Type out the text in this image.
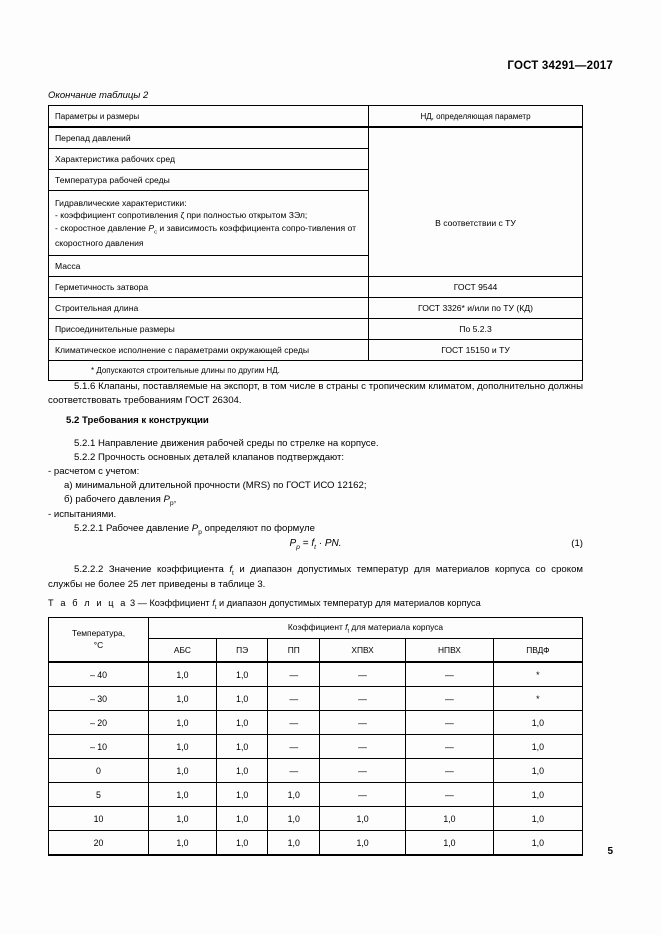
ГОСТ 34291—2017
Окончание таблицы 2
Параметры и размеры	НД, определяющая параметр
Перепад давлений	
Характеристика рабочих сред	
Температура рабочей среды	

Гидравлические характеристики:
- коэффициент сопротивления ζ при полностью открытом ЗЭл;
- скоростное давление $P_с$ и зависимость коэффициента сопро-тивления от скоростного давления	В соответствии с ТУ
Масса	
Герметичность затвора	ГОСТ 9544
Строительная длина	ГОСТ 3326* и/или по ТУ (КД)
Присоединительные размеры	По 5.2.3
Климатическое исполнение с параметрами окружающей среды	ГОСТ 15150 и ТУ
* Допускаются строительные длины по другим НД.	
5.1.6 Клапаны, поставляемые на экспорт, в том числе в страны с тропическим климатом, дополнительно должны соответствовать требованиям ГОСТ 26304.
5.2 Требования к конструкции
5.2.1 Направление движения рабочей среды по стрелке на корпусе.
5.2.2 Прочность основных деталей клапанов подтверждают:
- расчетом с учетом:
а) минимальной длительной прочности (MRS) по ГОСТ ИСО 12162;
б) рабочего давления $P_р$,
- испытаниями.
5.2.2.1 Рабочее давление $P_р$ определяют по формуле
$P_р = f_t$ · PN.	(1)
5.2.2.2 Значение коэффициента $f_t$ и диапазон допустимых температур для материалов корпуса со сроком службы не более 25 лет приведены в таблице 3.
Т а б л и ц а 3 — Коэффициент $f_t$ и диапазон допустимых температур для материалов корпуса
Температура,
°С	Коэффициент $f_t$ для материала корпуса					
	АБС	ПЭ	ПП	ХПВХ	НПВХ	ПВДФ
– 40	1,0	1,0	—	—	—	*
– 30	1,0	1,0	—	—	—	*
– 20	1,0	1,0	—	—	—	1,0
– 10	1,0	1,0	—	—	—	1,0
0	1,0	1,0	—	—	—	1,0
5	1,0	1,0	1,0	—	—	1,0
10	1,0	1,0	1,0	1,0	1,0	1,0
20	1,0	1,0	1,0	1,0	1,0	1,0
5
